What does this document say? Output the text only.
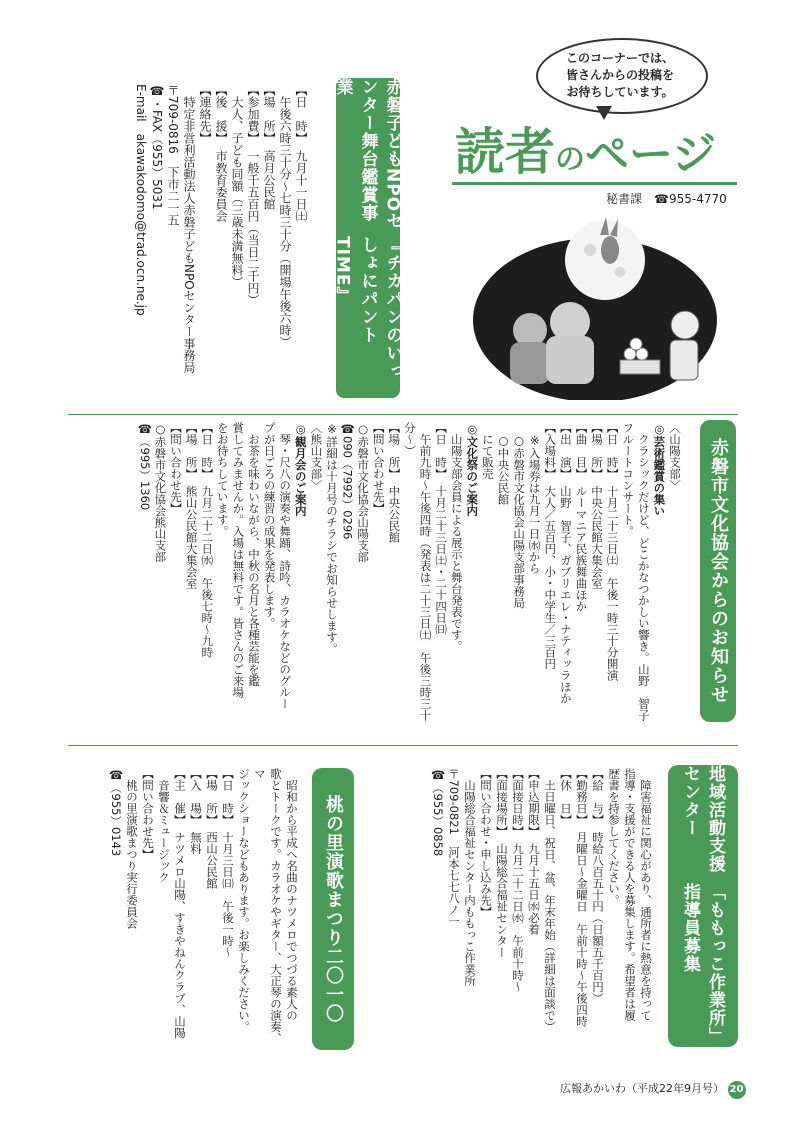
このコーナーでは、
皆さんからの投稿を
お待ちしています。
読者のページ
秘書課　 ☎955-4770
赤磐子どもNPOセンター舞台鑑賞事業
『チカパンのいっしょにパントTIME』
【日　時】　九月十一日㈯
　午後六時三十分～七時三十分（開場午後六時）
【場　所】　高月公民館
【参加費】　一般千五百円（当日二千円）
　大人、子ども同額（三歳未満無料）
【後　援】　市教育委員会
【連絡先】
　特定非営利活動法人赤磐子どもNPOセンター事務局
〒709-0816　下市二一五
☎・FAX（955）5031
E-mail　akawakodomo@trad.ocn.ne.jp
赤磐市文化協会からのお知らせ
〈山陽支部〉
◎芸術鑑賞の集い
　クラシックだけど、どこかなつかしい響き。山野　智子
フルートコンサート。
【日　時】　十月二十三日㈯　午後一時三十分開演
【場　所】　中央公民館大集会室
【曲　目】　ルーマニア民族舞曲ほか
【出　演】　山野　智子、ガブリエレ・ナティッラほか
【入場料】　大人／五百円、小・中学生／三百円
　※入場券は九月一日㈬から
　○赤磐市文化協会山陽支部事務局
　○中央公民館
　にて販売
◎文化祭のご案内
　山陽支部会員による展示と舞台発表です。
【日　時】　十月二十三日㈯・二十四日㈰
　午前九時～午後四時（発表は二十三日㈯　午後三時三十分～）
【場　所】　中央公民館
【問い合わせ先】
○赤磐市文化協会山陽支部
☎090（7992）0296
※詳細は十月号のチラシでお知らせします。
〈熊山支部〉
◎観月会のご案内
　琴・尺八の演奏や舞踊、詩吟、カラオケなどのグルー
プが日ごろの練習の成果を発表します。
　お茶を味わいながら、中秋の名月と各種芸能を鑑
賞してみませんか。入場は無料です。皆さんのご来場
をお待ちしています。
【日　時】　九月二十二日㈬　午後七時～九時
【場　所】　熊山公民館大集会室
【問い合わせ先】
○赤磐市文化協会熊山支部
☎（995）1360
地域活動支援センター
「ももっこ作業所」指導員募集
　障害福祉に関心があり、通所者に熱意を持って
指導・支援ができる人を募集します。希望者は履
歴書を持参してください。
【給　与】　時給八百五十円（日額五千百円）
【勤務日】　月曜日～金曜日　午前十時～午後四時
【休　日】
　土日曜日、祝日、盆、年末年始（詳細は面談で）
【申込期限】　九月十五日㈬必着
【面接日時】　九月二十二日㈬　午前十時～
【面接場所】　山陽総合福祉センター
【問い合わせ・申し込み先】
　山陽総合福祉センター内ももっこ作業所
〒709-0821　河本七七八ノ一
☎（955）0858
桃の里演歌まつり二〇一〇
　昭和から平成へ名曲のナツメロでつづる素人の
歌とトークです。カラオケやギター、大正琴の演奏、マ
ジックショーなどもあります。お楽しみください。
【日　時】　十月三日㈰　午後一時～
【場　所】　西山公民館
【入　場】　無料
【主　催】　ナツメロ山陽、すきやねんクラブ、山陽
　音響＆ミュージック
【問い合わせ先】
　桃の里演歌まつり実行委員会
☎（955）0143
広報あかいわ（平成22年9月号） 20
